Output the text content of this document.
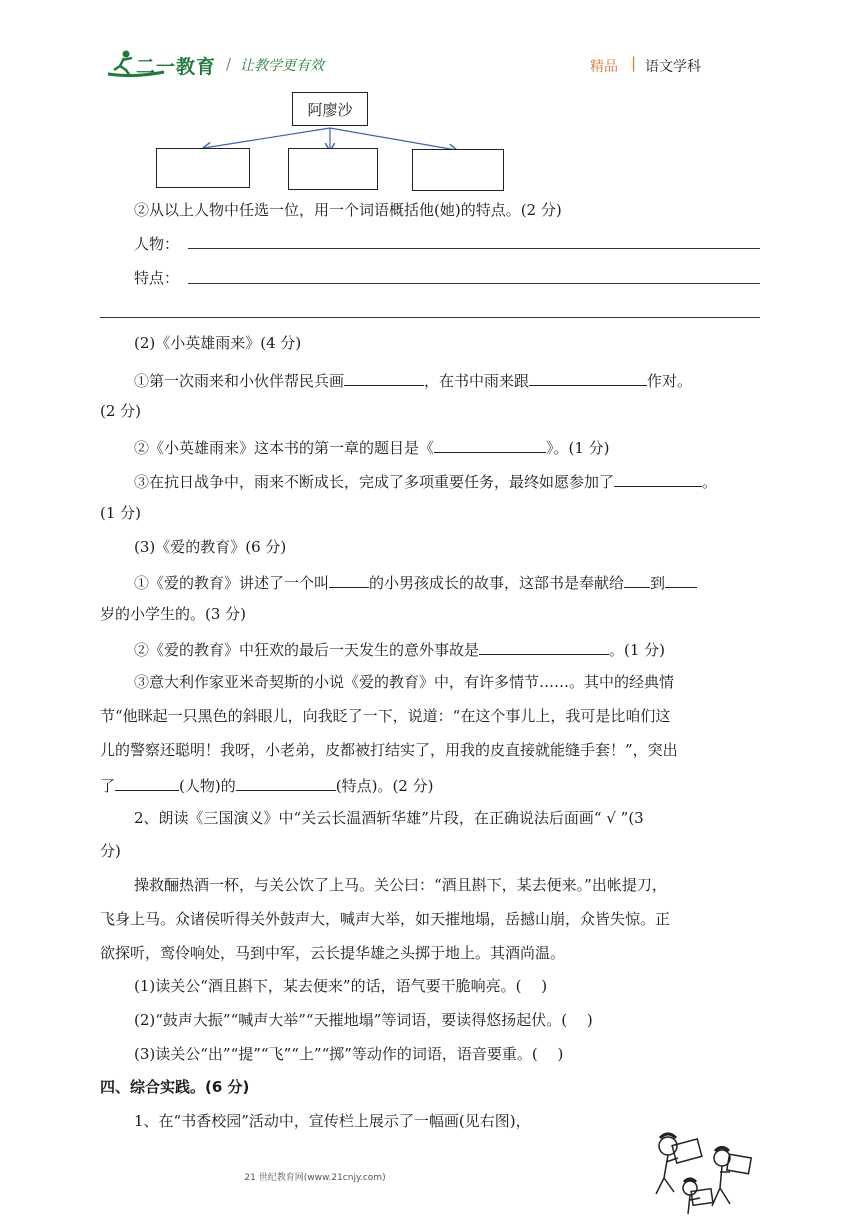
二一教育 / 让教学更有效	精品 | 语文学科
阿廖沙
②从以上人物中任选一位，用一个词语概括他(她)的特点。(2 分)
人物：
特点：
(2)《小英雄雨来》(4 分)
①第一次雨来和小伙伴帮民兵画	，在书中雨来跟	作对。
(2 分)
②《小英雄雨来》这本书的第一章的题目是《	》。(1 分)
③在抗日战争中，雨来不断成长，完成了多项重要任务，最终如愿参加了	。
(1 分)
(3)《爱的教育》(6 分)
①《爱的教育》讲述了一个叫	的小男孩成长的故事，这部书是奉献给 到
岁的小学生的。(3 分)
②《爱的教育》中狂欢的最后一天发生的意外事故是	。(1 分)
③意大利作家亚米奇契斯的小说《爱的教育》中，有许多情节……。其中的经典情
节“他眯起一只黑色的斜眼儿，向我眨了一下，说道：“在这个事儿上，我可是比咱们这
儿的警察还聪明！我呀，小老弟，皮都被打结实了，用我的皮直接就能缝手套！”，突出
了	(人物)的	(特点)。(2 分)
2、朗读《三国演义》中“关云长温酒斩华雄”片段，在正确说法后面画“ √ ”(3
分)
操救酾热酒一杯，与关公饮了上马。关公曰：“酒且斟下，某去便来。”出帐提刀，
飞身上马。众诸侯听得关外鼓声大，喊声大举，如天摧地塌，岳撼山崩，众皆失惊。正
欲探听，鸾伶响处，马到中军，云长提华雄之头掷于地上。其酒尚温。
(1)读关公“酒且斟下，某去便来”的话，语气要干脆响亮。(　 )
(2)“鼓声大振”“喊声大举”“天摧地塌”等词语，要读得悠扬起伏。(　 )
(3)读关公“出”“提”“飞”“上”“掷”等动作的词语，语音要重。(　 )
四、综合实践。(6 分)
1、在“书香校园”活动中，宣传栏上展示了一幅画(见右图)，
21 世纪教育网(www.21cnjy.com)
